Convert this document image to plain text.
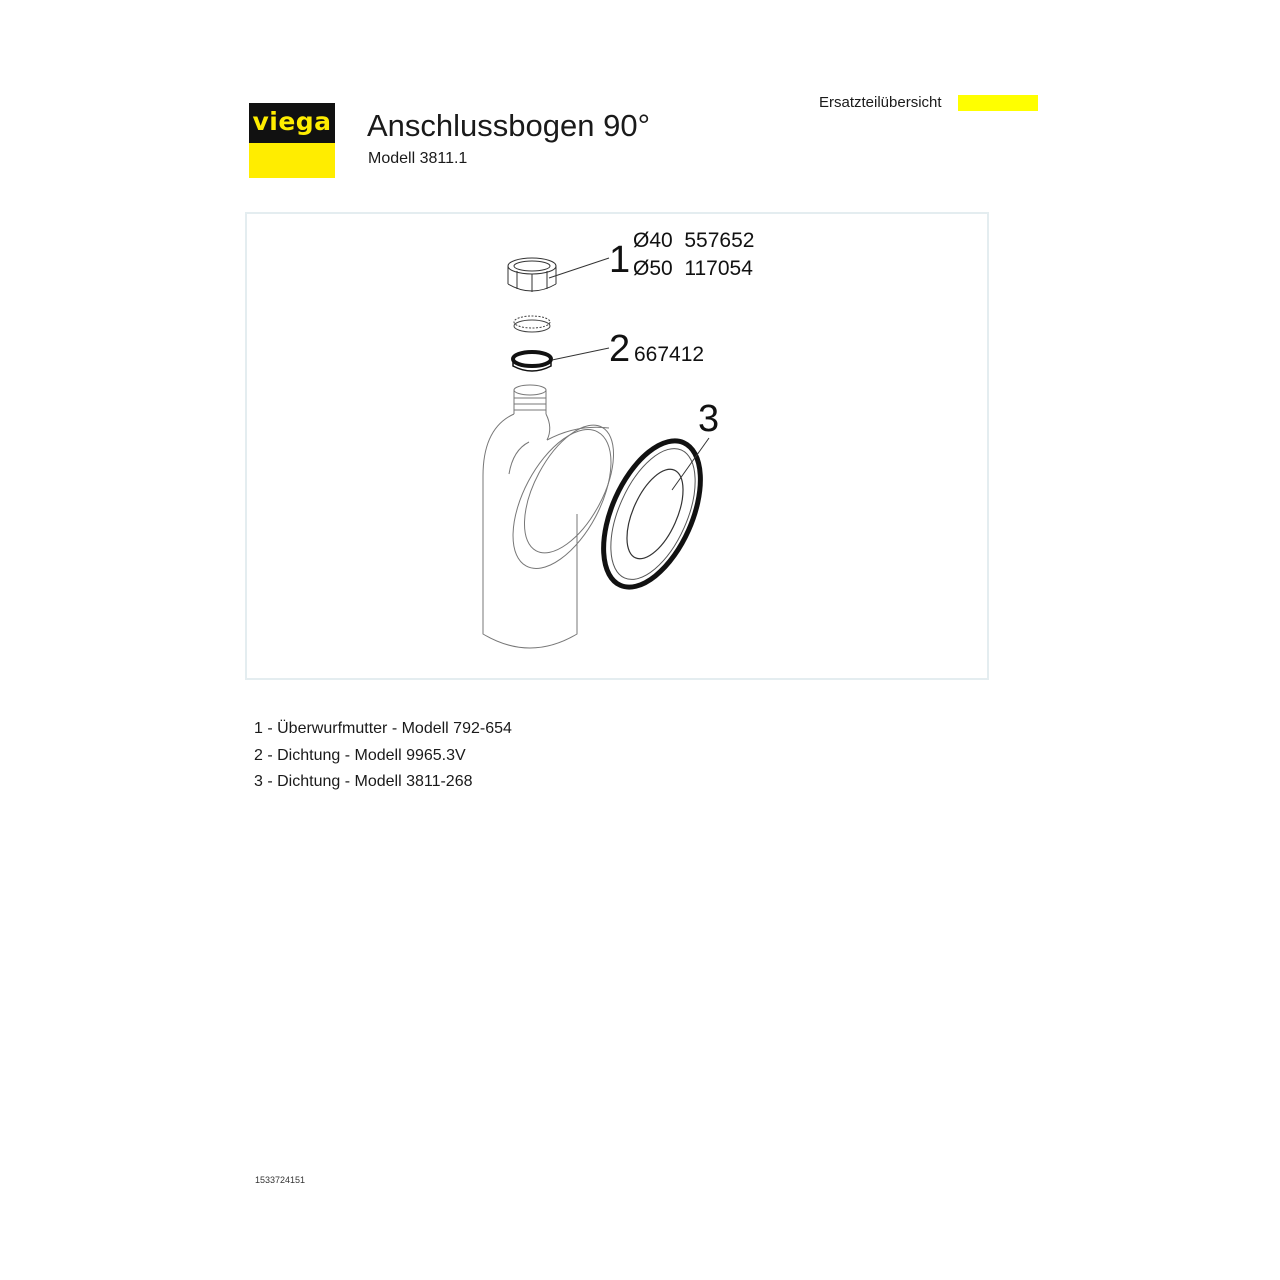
viega Anschlussbogen 90°
Modell 3811.1
Ersatzteilübersicht
1 Ø40  557652
Ø50  117054
2 667412
3
1 - Überwurfmutter - Modell 792-654
2 - Dichtung - Modell 9965.3V
3 - Dichtung - Modell 3811-268
1533724151
